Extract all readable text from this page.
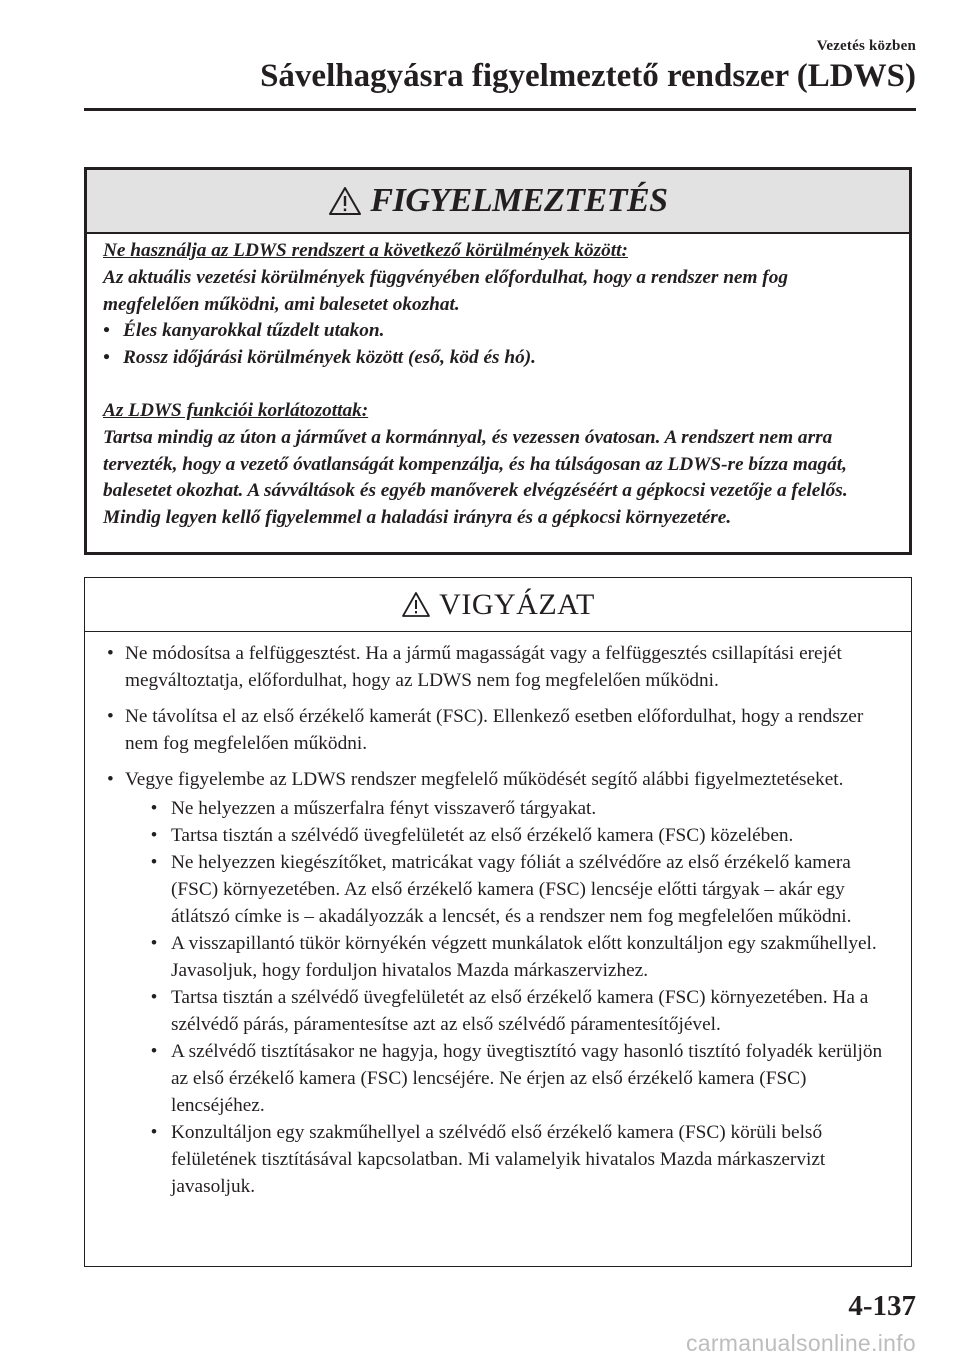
Vezetés közben
Sávelhagyásra figyelmeztető rendszer (LDWS)
FIGYELMEZTETÉS

Ne használja az LDWS rendszert a következő körülmények között:

Az aktuális vezetési körülmények függvényében előfordulhat, hogy a rendszer nem fog megfelelően működni, ami balesetet okozhat.

• Éles kanyarokkal tűzdelt utakon.
• Rossz időjárási körülmények között (eső, köd és hó).

Az LDWS funkciói korlátozottak:

Tartsa mindig az úton a járművet a kormánnyal, és vezessen óvatosan. A rendszert nem arra tervezték, hogy a vezető óvatlanságát kompenzálja, és ha túlságosan az LDWS-re bízza magát, balesetet okozhat. A sávváltások és egyéb manőverek elvégzéséért a gépkocsi vezetője a felelős. Mindig legyen kellő figyelemmel a haladási irányra és a gépkocsi környezetére.

VIGYÁZAT
• Ne módosítsa a felfüggesztést. Ha a jármű magasságát vagy a felfüggesztés csillapítási erejét megváltoztatja, előfordulhat, hogy az LDWS nem fog megfelelően működni.
• Ne távolítsa el az első érzékelő kamerát (FSC). Ellenkező esetben előfordulhat, hogy a rendszer nem fog megfelelően működni.
• Vegye figyelembe az LDWS rendszer megfelelő működését segítő alábbi figyelmeztetéseket.
• Ne helyezzen a műszerfalra fényt visszaverő tárgyakat.
• Tartsa tisztán a szélvédő üvegfelületét az első érzékelő kamera (FSC) közelében.
• Ne helyezzen kiegészítőket, matricákat vagy fóliát a szélvédőre az első érzékelő kamera (FSC) környezetében. Az első érzékelő kamera (FSC) lencséje előtti tárgyak – akár egy átlátszó címke is – akadályozzák a lencsét, és a rendszer nem fog megfelelően működni.
• A visszapillantó tükör környékén végzett munkálatok előtt konzultáljon egy szakműhellyel. Javasoljuk, hogy forduljon hivatalos Mazda márkaszervizhez.
• Tartsa tisztán a szélvédő üvegfelületét az első érzékelő kamera (FSC) környezetében. Ha a szélvédő párás, páramentesítse azt az első szélvédő páramentesítőjével.
• A szélvédő tisztításakor ne hagyja, hogy üvegtisztító vagy hasonló tisztító folyadék kerüljön az első érzékelő kamera (FSC) lencséjére. Ne érjen az első érzékelő kamera (FSC) lencséjéhez.
• Konzultáljon egy szakműhellyel a szélvédő első érzékelő kamera (FSC) körüli belső felületének tisztításával kapcsolatban. Mi valamelyik hivatalos Mazda márkaszervizt javasoljuk.
4-137
carmanualsonline.info
